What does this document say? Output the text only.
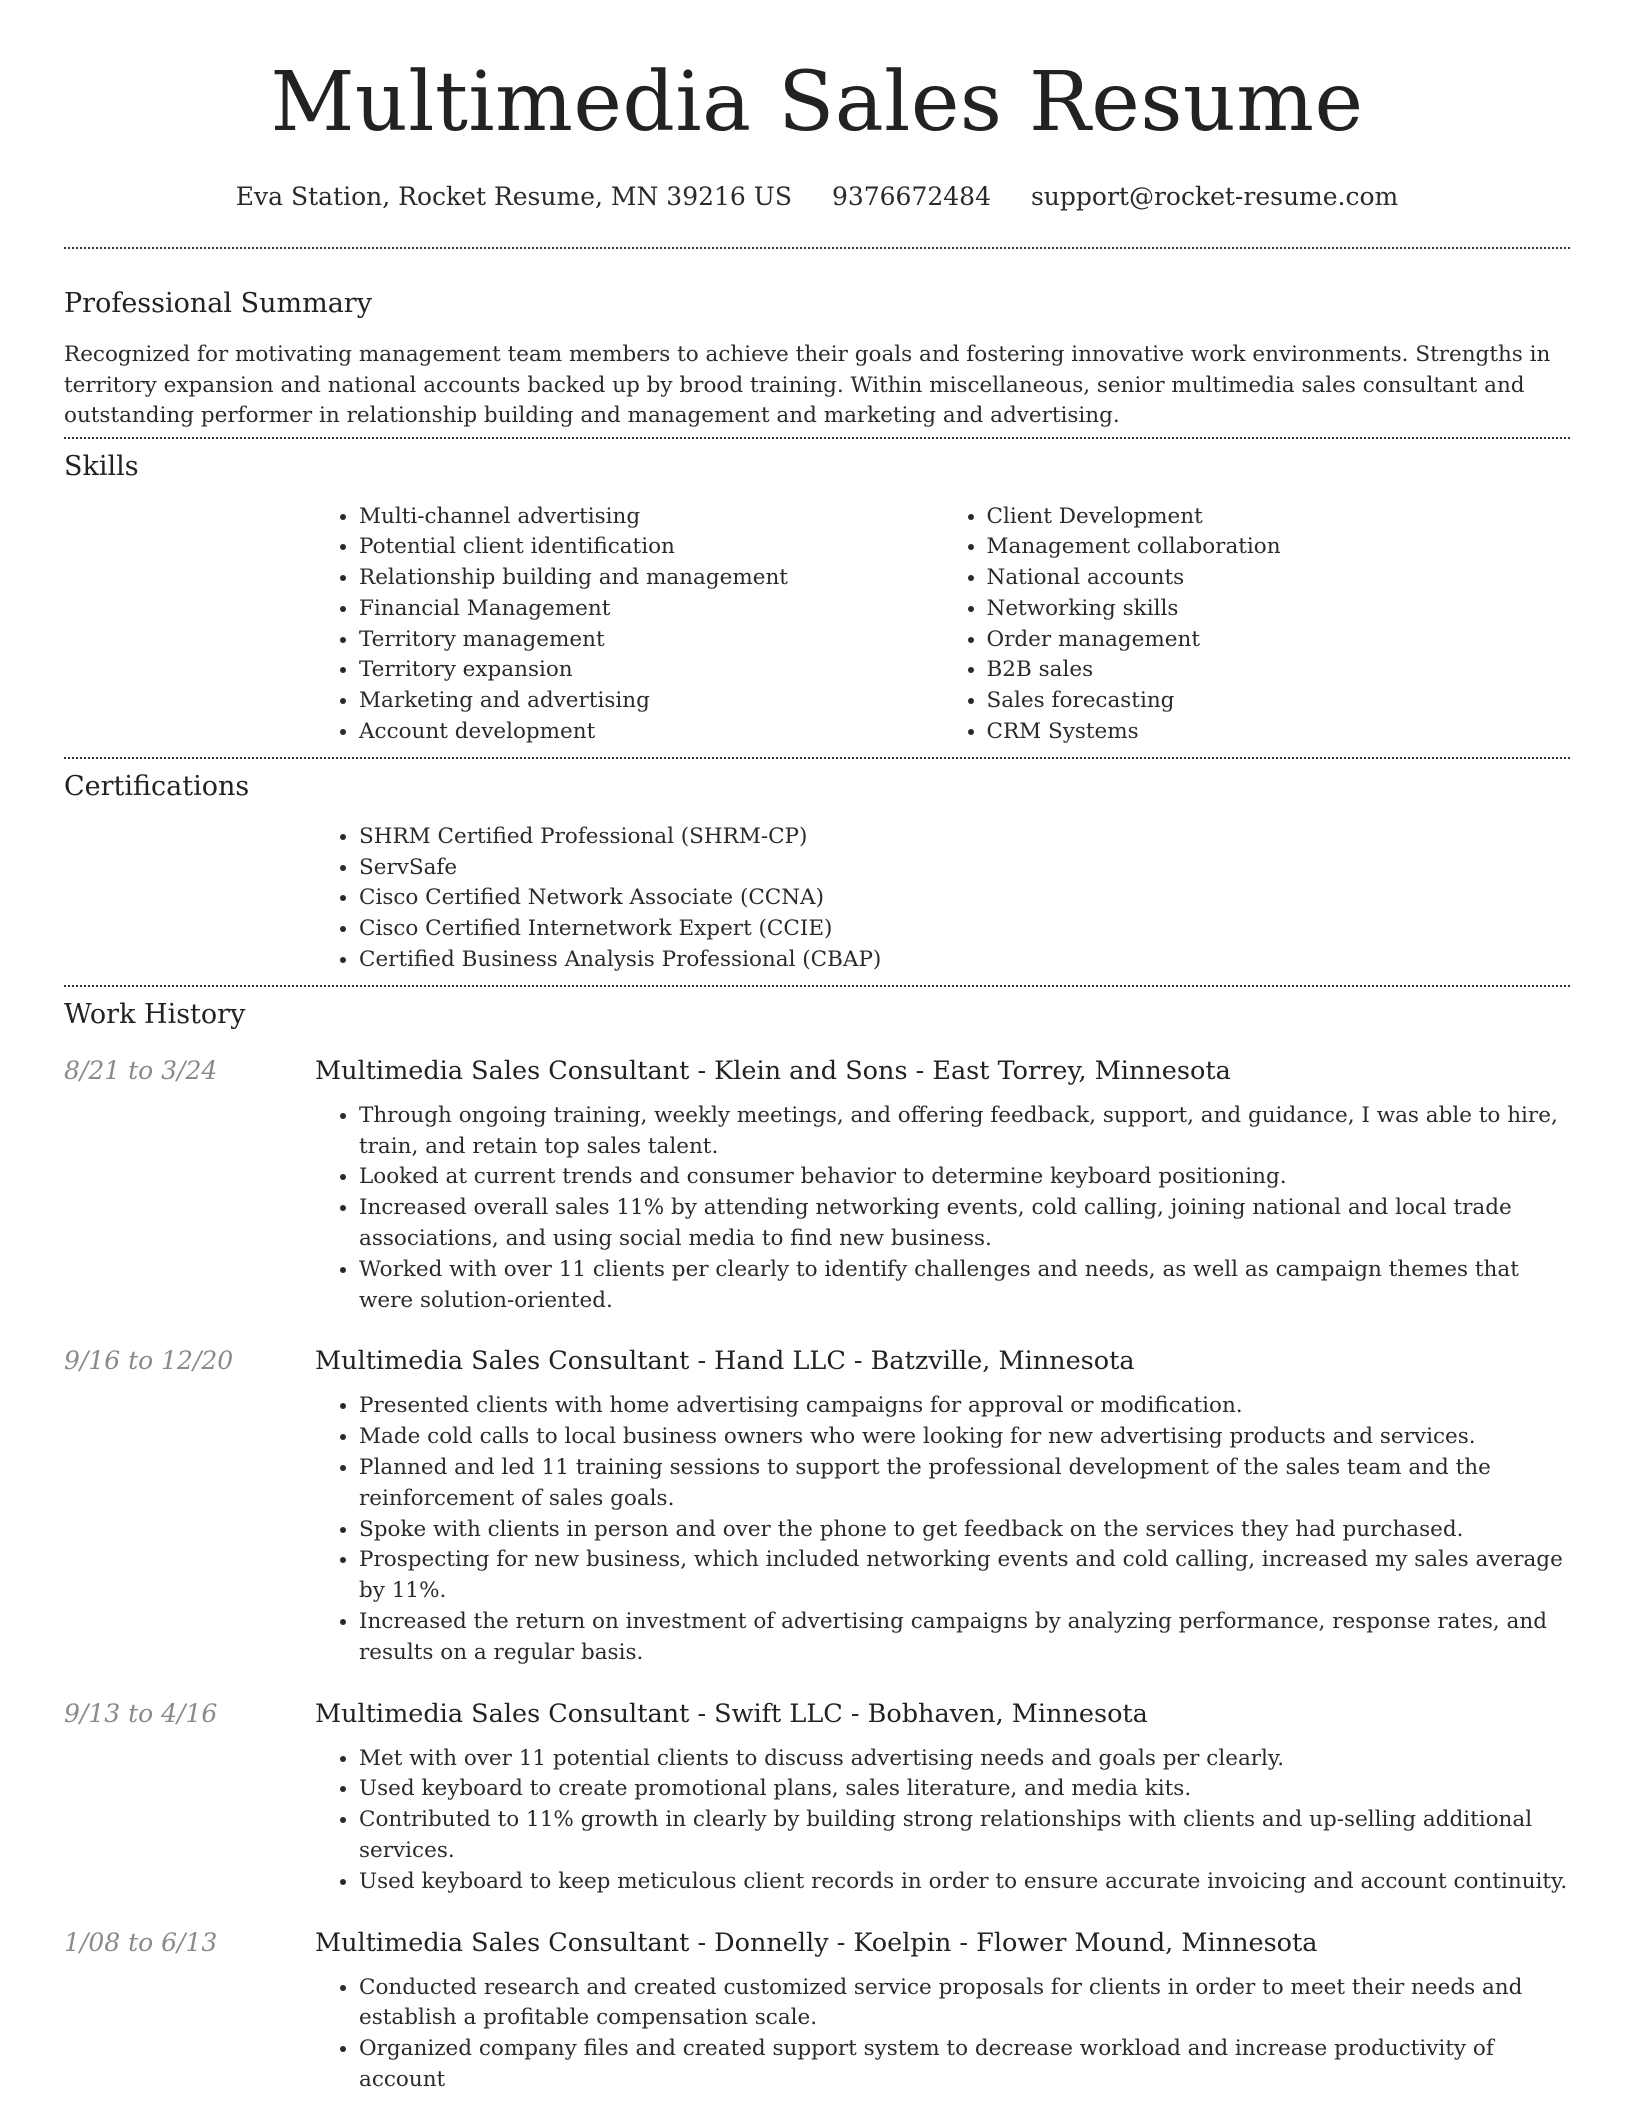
Multimedia Sales Resume
Eva Station, Rocket Resume, MN 39216 US 9376672484 support@rocket-resume.com
Professional Summary

Recognized for motivating management team members to achieve their goals and fostering innovative work environments. Strengths in territory expansion and national accounts backed up by brood training. Within miscellaneous, senior multimedia sales consultant and outstanding performer in relationship building and management and marketing and advertising.

Skills
• Multi-channel advertising
• Potential client identification
• Relationship building and management
• Financial Management
• Territory management
• Territory expansion
• Marketing and advertising
• Account development
• Client Development
• Management collaboration
• National accounts
• Networking skills
• Order management
• B2B sales
• Sales forecasting
• CRM Systems
Certifications
• SHRM Certified Professional (SHRM-CP)
• ServSafe
• Cisco Certified Network Associate (CCNA)
• Cisco Certified Internetwork Expert (CCIE)
• Certified Business Analysis Professional (CBAP)
Work History
8/21 to 3/24	Multimedia Sales Consultant - Klein and Sons - East Torrey, Minnesota
• Through ongoing training, weekly meetings, and offering feedback, support, and guidance, I was able to hire, train, and retain top sales talent.
• Looked at current trends and consumer behavior to determine keyboard positioning.
• Increased overall sales 11% by attending networking events, cold calling, joining national and local trade associations, and using social media to find new business.
• Worked with over 11 clients per clearly to identify challenges and needs, as well as campaign themes that were solution-oriented.
9/16 to 12/20	Multimedia Sales Consultant - Hand LLC - Batzville, Minnesota
• Presented clients with home advertising campaigns for approval or modification.
• Made cold calls to local business owners who were looking for new advertising products and services.
• Planned and led 11 training sessions to support the professional development of the sales team and the reinforcement of sales goals.
• Spoke with clients in person and over the phone to get feedback on the services they had purchased.
• Prospecting for new business, which included networking events and cold calling, increased my sales average by 11%.
• Increased the return on investment of advertising campaigns by analyzing performance, response rates, and results on a regular basis.
9/13 to 4/16	Multimedia Sales Consultant - Swift LLC - Bobhaven, Minnesota
• Met with over 11 potential clients to discuss advertising needs and goals per clearly.
• Used keyboard to create promotional plans, sales literature, and media kits.
• Contributed to 11% growth in clearly by building strong relationships with clients and up-selling additional services.
• Used keyboard to keep meticulous client records in order to ensure accurate invoicing and account continuity.
1/08 to 6/13	Multimedia Sales Consultant - Donnelly - Koelpin - Flower Mound, Minnesota
• Conducted research and created customized service proposals for clients in order to meet their needs and establish a profitable compensation scale.
• Organized company files and created support system to decrease workload and increase productivity of account
